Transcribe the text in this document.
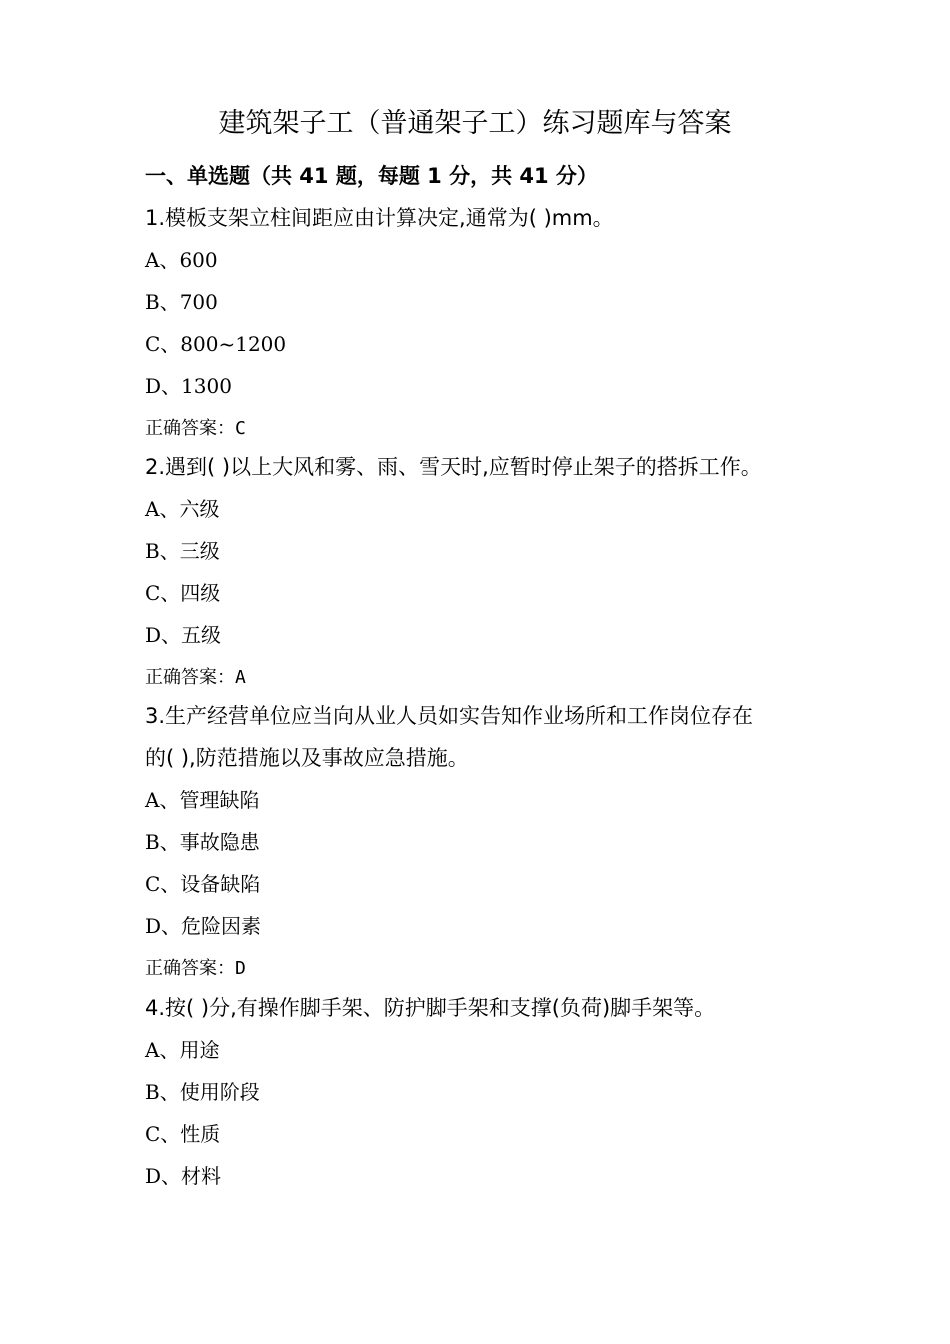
建筑架子工（普通架子工）练习题库与答案
一、单选题（共 41 题，每题 1 分，共 41 分）
1.模板支架立柱间距应由计算决定,通常为( )mm。
A、600
B、700
C、800~1200
D、1300
正确答案：C
2.遇到( )以上大风和雾、雨、雪天时,应暂时停止架子的搭拆工作。
A、六级
B、三级
C、四级
D、五级
正确答案：A
3.生产经营单位应当向从业人员如实告知作业场所和工作岗位存在
的( ),防范措施以及事故应急措施。
A、管理缺陷
B、事故隐患
C、设备缺陷
D、危险因素
正确答案：D
4.按( )分,有操作脚手架、防护脚手架和支撑(负荷)脚手架等。
A、用途
B、使用阶段
C、性质
D、材料
